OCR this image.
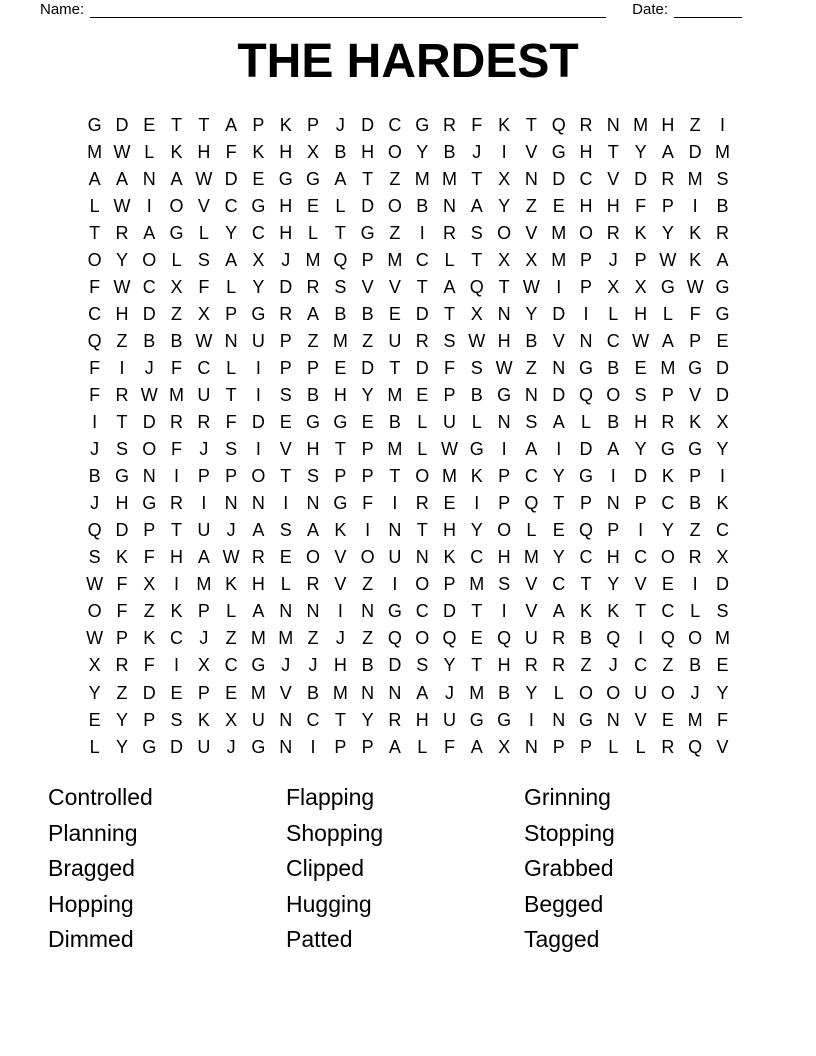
Name:	Date:
THE HARDEST
G D E T T A P K P J D C G R F K T Q R N M H Z I
M W L K H F K H X B H O Y B J I V G H T Y A D M
A A N A W D E G G A T Z M M T X N D C V D R M S
L W I O V C G H E L D O B N A Y Z E H H F P I B
T R A G L Y C H L T G Z I R S O V M O R K Y K R
O Y O L S A X J M Q P M C L T X X M P J P W K A
F W C X F L Y D R S V V T A Q T W I P X X G W G
C H D Z X P G R A B B E D T X N Y D I L H L F G
Q Z B B W N U P Z M Z U R S W H B V N C W A P E
F I J F C L I P P E D T D F S W Z N G B E M G D
F R W M U T I S B H Y M E P B G N D Q O S P V D
I T D R R F D E G G E B L U L N S A L B H R K X
J S O F J S I V H T P M L W G I A I D A Y G G Y
B G N I P P O T S P P T O M K P C Y G I D K P I
J H G R I N N I N G F I R E I P Q T P N P C B K
Q D P T U J A S A K I N T H Y O L E Q P I Y Z C
S K F H A W R E O V O U N K C H M Y C H C O R X
W F X I M K H L R V Z I O P M S V C T Y V E I D
O F Z K P L A N N I N G C D T I V A K K T C L S
W P K C J Z M M Z J Z Q O Q E Q U R B Q I Q O M
X R F I X C G J J H B D S Y T H R R Z J C Z B E
Y Z D E P E M V B M N N A J M B Y L O O U O J Y
E Y P S K X U N C T Y R H U G G I N G N V E M F
L Y G D U J G N I P P A L F A X N P P L L R Q V
Controlled
Planning
Bragged
Hopping
Dimmed
Flapping
Shopping
Clipped
Hugging
Patted
Grinning
Stopping
Grabbed
Begged
Tagged
